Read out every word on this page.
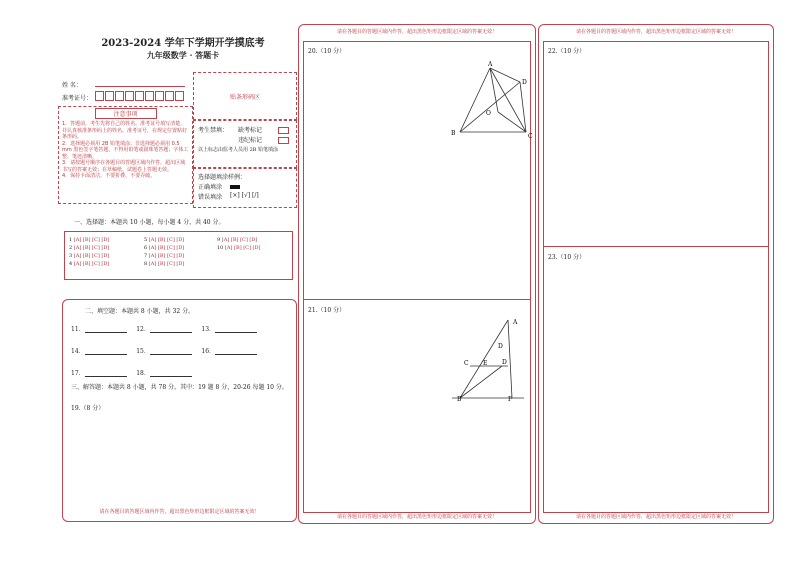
2023-2024 学年下学期开学摸底考
九年级数学 · 答题卡
姓 名：
准考证号：	贴条形码区
注意事项
1．答题前，考生先将自己的姓名、准考证号填写清楚，并认真核准条形码上的姓名、准考证号，在规定位置贴好条形码。
2．选择题必须用 2B 铅笔填涂；非选择题必须用 0.5 mm 黑色签字笔答题，不得用铅笔或圆珠笔答题；字体工整、笔迹清晰。
3．请按题号顺序在各题目的答题区域内作答，超出区域书写的答案无效；在草稿纸、试题卷上答题无效。
4．保持卡面清洁，不要折叠、不要弄破。
考生禁填： 缺考标记
违纪标记
以上标志由监考人员用 2B 铅笔填涂
选择题填涂样例：
正确填涂
错误填涂 [×] [√] [/]
一、选择题：本题共 10 小题，每小题 4 分，共 40 分。
1 [A] [B] [C] [D]
2 [A] [B] [C] [D]
3 [A] [B] [C] [D]
4 [A] [B] [C] [D]
5 [A] [B] [C] [D]
6 [A] [B] [C] [D]
7 [A] [B] [C] [D]
8 [A] [B] [C] [D]
9 [A] [B] [C] [D]
10 [A] [B] [C] [D]
二、填空题：本题共 8 小题，共 32 分。
11．	12．	13．
14．	15．	16．
17．	18．
三、解答题：本题共 8 小题，共 78 分。其中：19 题 8 分，20-26 每题 10 分。
19.（8 分）
请在各题目的答题区域内作答，超出黑色矩形边框限定区域的答案无效！
请在各题目的答题区域内作答，超出黑色矩形边框限定区域的答案无效！
20.（10 分）
A
D
O
B	C
21.（10 分）
A
D
C E D
B	F
请在各题目的答题区域内作答，超出黑色矩形边框限定区域的答案无效！
请在各题目的答题区域内作答，超出黑色矩形边框限定区域的答案无效！
22.（10 分）
23.（10 分）
请在各题目的答题区域内作答，超出黑色矩形边框限定区域的答案无效！
